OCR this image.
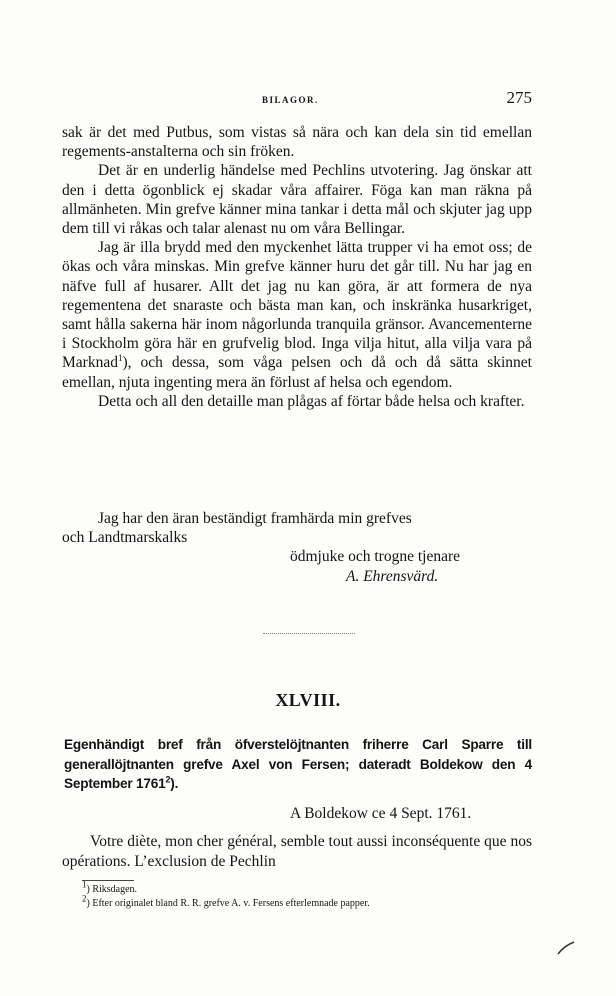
BILAGOR.	275

sak är det med Putbus, som vistas så nära och kan dela sin tid emellan regements-anstalterna och sin fröken.

Det är en underlig händelse med Pechlins utvotering. Jag önskar att den i detta ögonblick ej skadar våra affairer. Föga kan man räkna på allmänheten. Min grefve känner mina tankar i detta mål och skjuter jag upp dem till vi råkas och talar alenast nu om våra Bellingar.

Jag är illa brydd med den myckenhet lätta trupper vi ha emot oss; de ökas och våra minskas. Min grefve känner huru det går till. Nu har jag en näfve full af husarer. Allt det jag nu kan göra, är att formera de nya regementena det snaraste och bästa man kan, och inskränka husarkriget, samt hålla sakerna här inom någorlunda tranquila gränsor. Avancementerne i Stockholm göra här en grufvelig blod. Inga vilja hitut, alla vilja vara på Marknad$^1$), och dessa, som våga pelsen och då och då sätta skinnet emellan, njuta ingenting mera än förlust af helsa och egendom.

Detta och all den detaille man plågas af förtar både helsa och krafter.

Jag har den äran beständigt framhärda min grefves
och Landtmarskalks
ödmjuke och trogne tjenare
A. Ehrensvärd.
XLVIII.
Egenhändigt bref från öfverstelöjtnanten friherre Carl Sparre till generallöjtnanten grefve Axel von Fersen; dateradt Boldekow den 4 September 1761$^2$).
A Boldekow ce 4 Sept. 1761.

Votre diète, mon cher général, semble tout aussi inconséquente que nos opérations. L’exclusion de Pechlin

$^1$) Riksdagen.
$^2$) Efter originalet bland R. R. grefve A. v. Fersens efterlemnade papper.
